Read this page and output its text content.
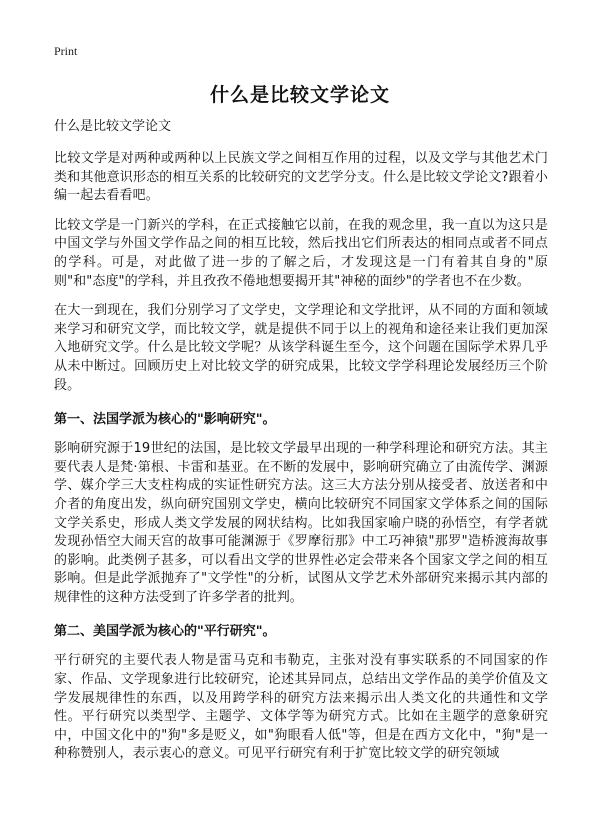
Print
什么是比较文学论文

什么是比较文学论文

比较文学是对两种或两种以上民族文学之间相互作用的过程，以及文学与其他艺术门类和其他意识形态的相互关系的比较研究的文艺学分支。什么是比较文学论文?跟着小编一起去看看吧。

比较文学是一门新兴的学科，在正式接触它以前，在我的观念里，我一直以为这只是中国文学与外国文学作品之间的相互比较，然后找出它们所表达的相同点或者不同点的学科。可是，对此做了进一步的了解之后，才发现这是一门有着其自身的"原则"和"态度"的学科，并且孜孜不倦地想要揭开其"神秘的面纱"的学者也不在少数。

在大一到现在，我们分别学习了文学史，文学理论和文学批评，从不同的方面和领域来学习和研究文学，而比较文学，就是提供不同于以上的视角和途径来让我们更加深入地研究文学。什么是比较文学呢？从该学科诞生至今，这个问题在国际学术界几乎从未中断过。回顾历史上对比较文学的研究成果，比较文学学科理论发展经历三个阶段。

第一、法国学派为核心的"影响研究"。

影响研究源于19世纪的法国，是比较文学最早出现的一种学科理论和研究方法。其主要代表人是梵·第根、卡雷和基亚。在不断的发展中，影响研究确立了由流传学、渊源学、媒介学三大支柱构成的实证性研究方法。这三大方法分别从接受者、放送者和中介者的角度出发，纵向研究国别文学史，横向比较研究不同国家文学体系之间的国际文学关系史，形成人类文学发展的网状结构。比如我国家喻户晓的孙悟空，有学者就发现孙悟空大闹天宫的故事可能渊源于《罗摩衍那》中工巧神猿"那罗"造桥渡海故事的影响。此类例子甚多，可以看出文学的世界性必定会带来各个国家文学之间的相互影响。但是此学派抛弃了"文学性"的分析，试图从文学艺术外部研究来揭示其内部的规律性的这种方法受到了许多学者的批判。

第二、美国学派为核心的"平行研究"。

平行研究的主要代表人物是雷马克和韦勒克，主张对没有事实联系的不同国家的作家、作品、文学现象进行比较研究，论述其异同点，总结出文学作品的美学价值及文学发展规律性的东西，以及用跨学科的研究方法来揭示出人类文化的共通性和文学性。平行研究以类型学、主题学、文体学等为研究方式。比如在主题学的意象研究中，中国文化中的"狗"多是贬义，如"狗眼看人低"等，但是在西方文化中，"狗"是一种称赞别人，表示衷心的意义。可见平行研究有利于扩宽比较文学的研究领域
